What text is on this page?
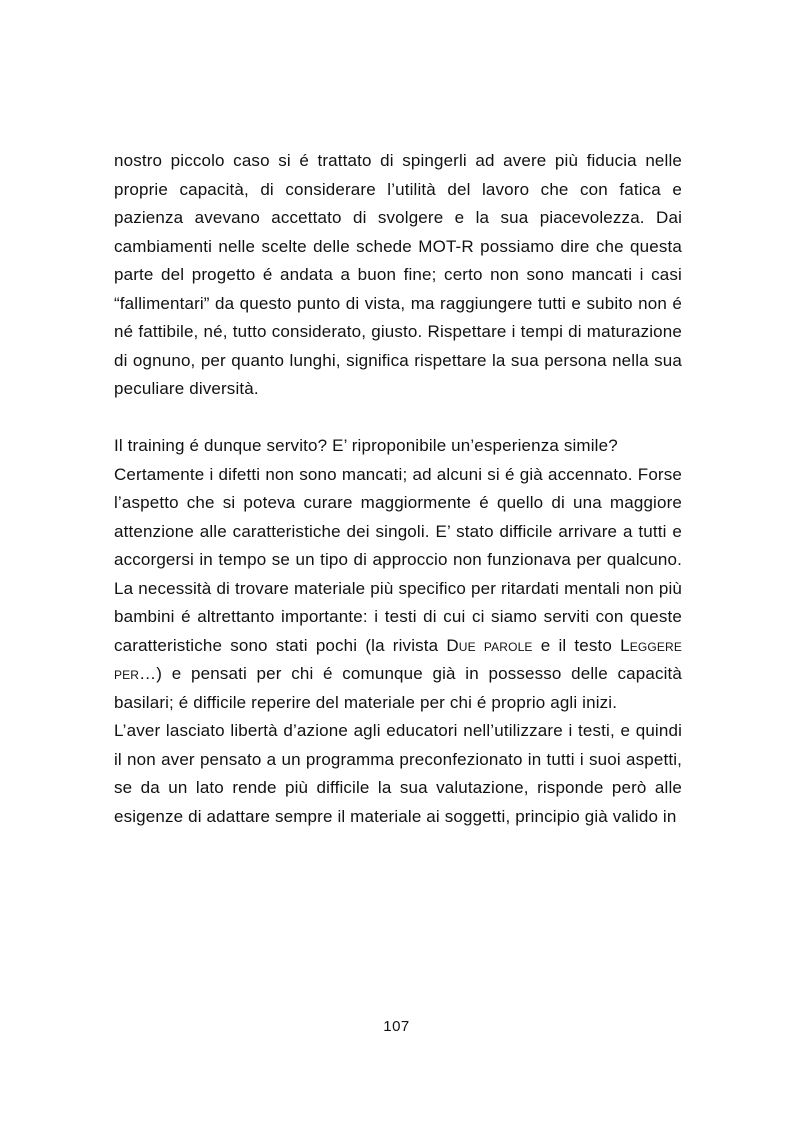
nostro piccolo caso si é trattato di spingerli ad avere più fiducia nelle proprie capacità, di considerare l’utilità del lavoro che con fatica e pazienza avevano accettato di svolgere e la sua piacevolezza. Dai cambiamenti nelle scelte delle schede MOT-R possiamo dire che questa parte del progetto é andata a buon fine; certo non sono mancati i casi “fallimentari” da questo punto di vista, ma raggiungere tutti e subito non é né fattibile, né, tutto considerato, giusto. Rispettare i tempi di maturazione di ognuno, per quanto lunghi, significa rispettare la sua persona nella sua peculiare diversità.

Il training é dunque servito? E’ riproponibile un’esperienza simile?

Certamente i difetti non sono mancati; ad alcuni si é già accennato. Forse l’aspetto che si poteva curare maggiormente é quello di una maggiore attenzione alle caratteristiche dei singoli. E’ stato difficile arrivare a tutti e accorgersi in tempo se un tipo di approccio non funzionava per qualcuno. La necessità di trovare materiale più specifico per ritardati mentali non più bambini é altrettanto importante: i testi di cui ci siamo serviti con queste caratteristiche sono stati pochi (la rivista Due parole e il testo Leggere per…) e pensati per chi é comunque già in possesso delle capacità basilari; é difficile reperire del materiale per chi é proprio agli inizi.

L’aver lasciato libertà d’azione agli educatori nell’utilizzare i testi, e quindi il non aver pensato a un programma preconfezionato in tutti i suoi aspetti, se da un lato rende più difficile la sua valutazione, risponde però alle esigenze di adattare sempre il materiale ai soggetti, principio già valido in

107
